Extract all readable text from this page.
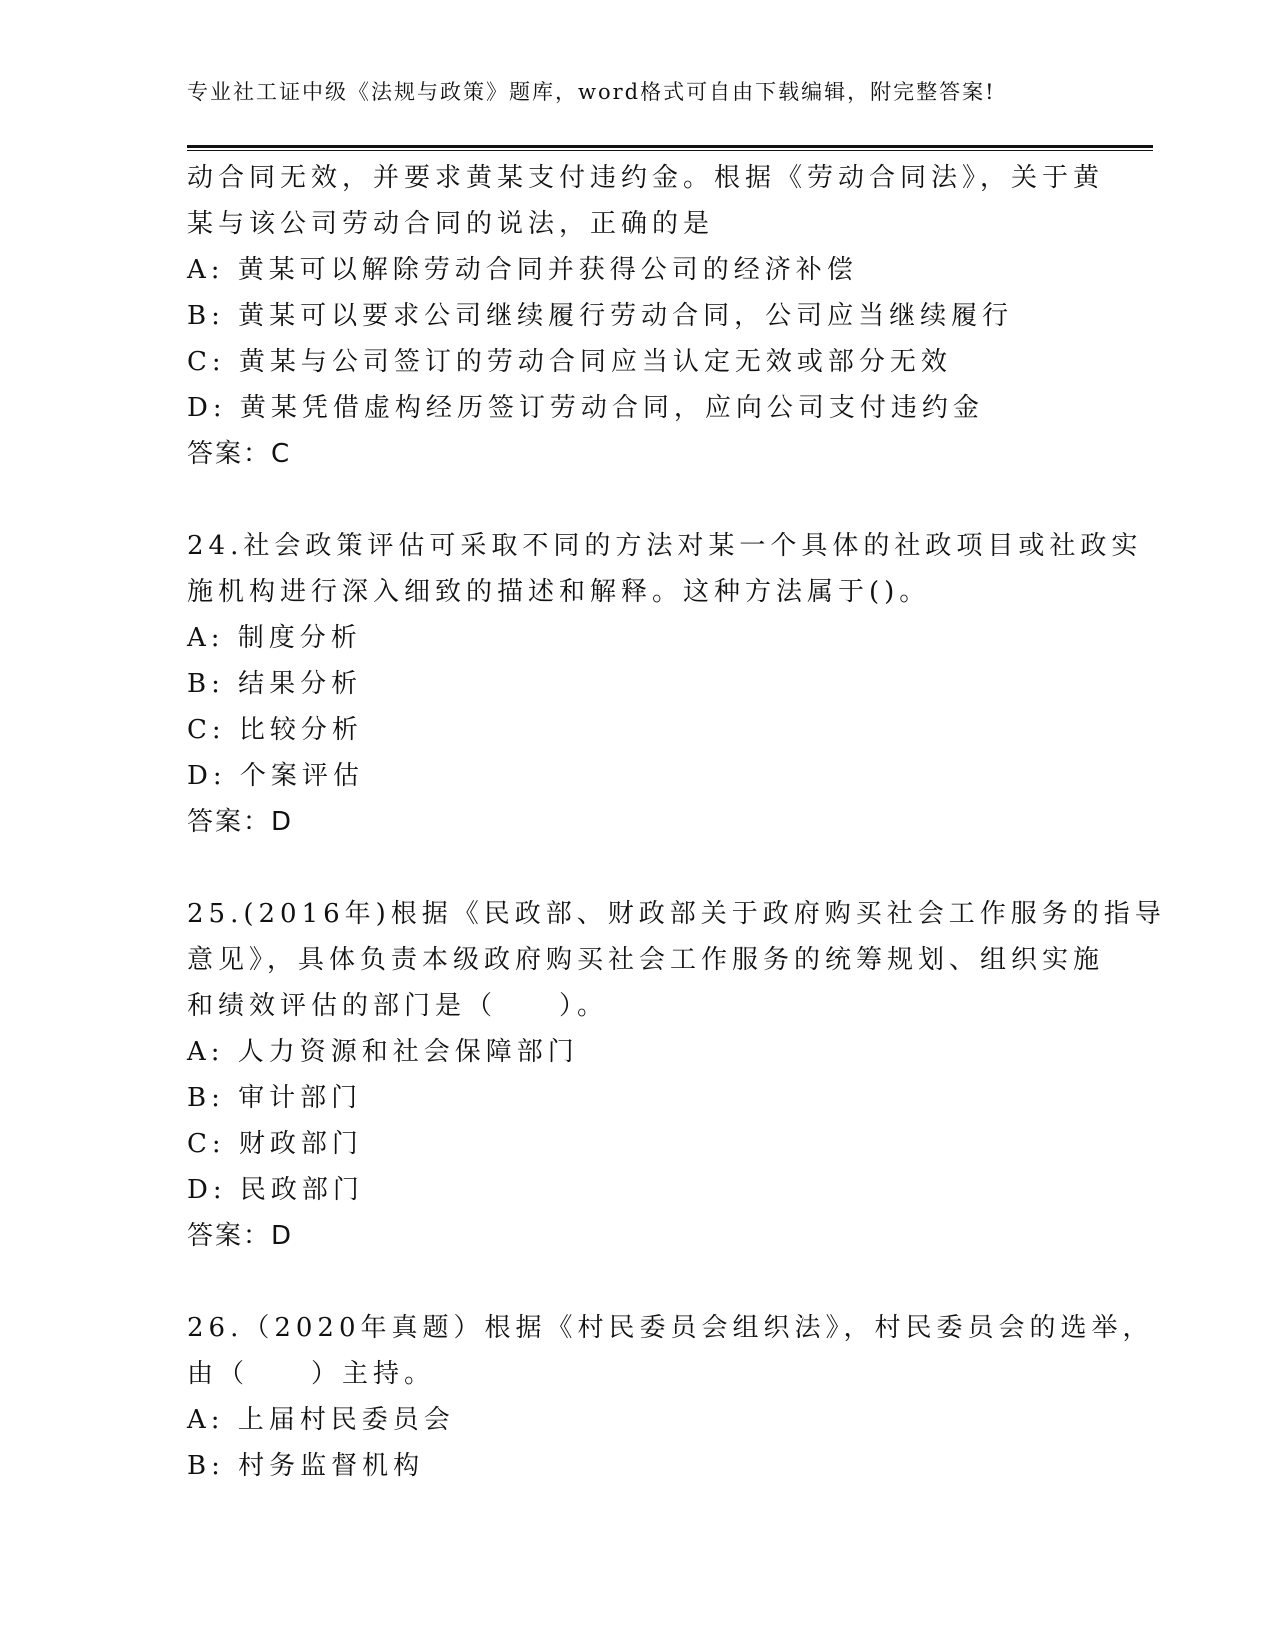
专业社工证中级《法规与政策》题库，word格式可自由下载编辑，附完整答案!
动合同无效，并要求黄某支付违约金。根据《劳动合同法》，关于黄
某与该公司劳动合同的说法，正确的是
A: 黄某可以解除劳动合同并获得公司的经济补偿
B: 黄某可以要求公司继续履行劳动合同，公司应当继续履行
C: 黄某与公司签订的劳动合同应当认定无效或部分无效
D: 黄某凭借虚构经历签订劳动合同，应向公司支付违约金
答案：C
24.社会政策评估可采取不同的方法对某一个具体的社政项目或社政实
施机构进行深入细致的描述和解释。这种方法属于()。
A: 制度分析
B: 结果分析
C: 比较分析
D: 个案评估
答案：D
25.(2016年)根据《民政部、财政部关于政府购买社会工作服务的指导
意见》，具体负责本级政府购买社会工作服务的统筹规划、组织实施
和绩效评估的部门是（　　）。
A: 人力资源和社会保障部门
B: 审计部门
C: 财政部门
D: 民政部门
答案：D
26.（2020年真题）根据《村民委员会组织法》，村民委员会的选举，
由（　　）主持。
A: 上届村民委员会
B: 村务监督机构
